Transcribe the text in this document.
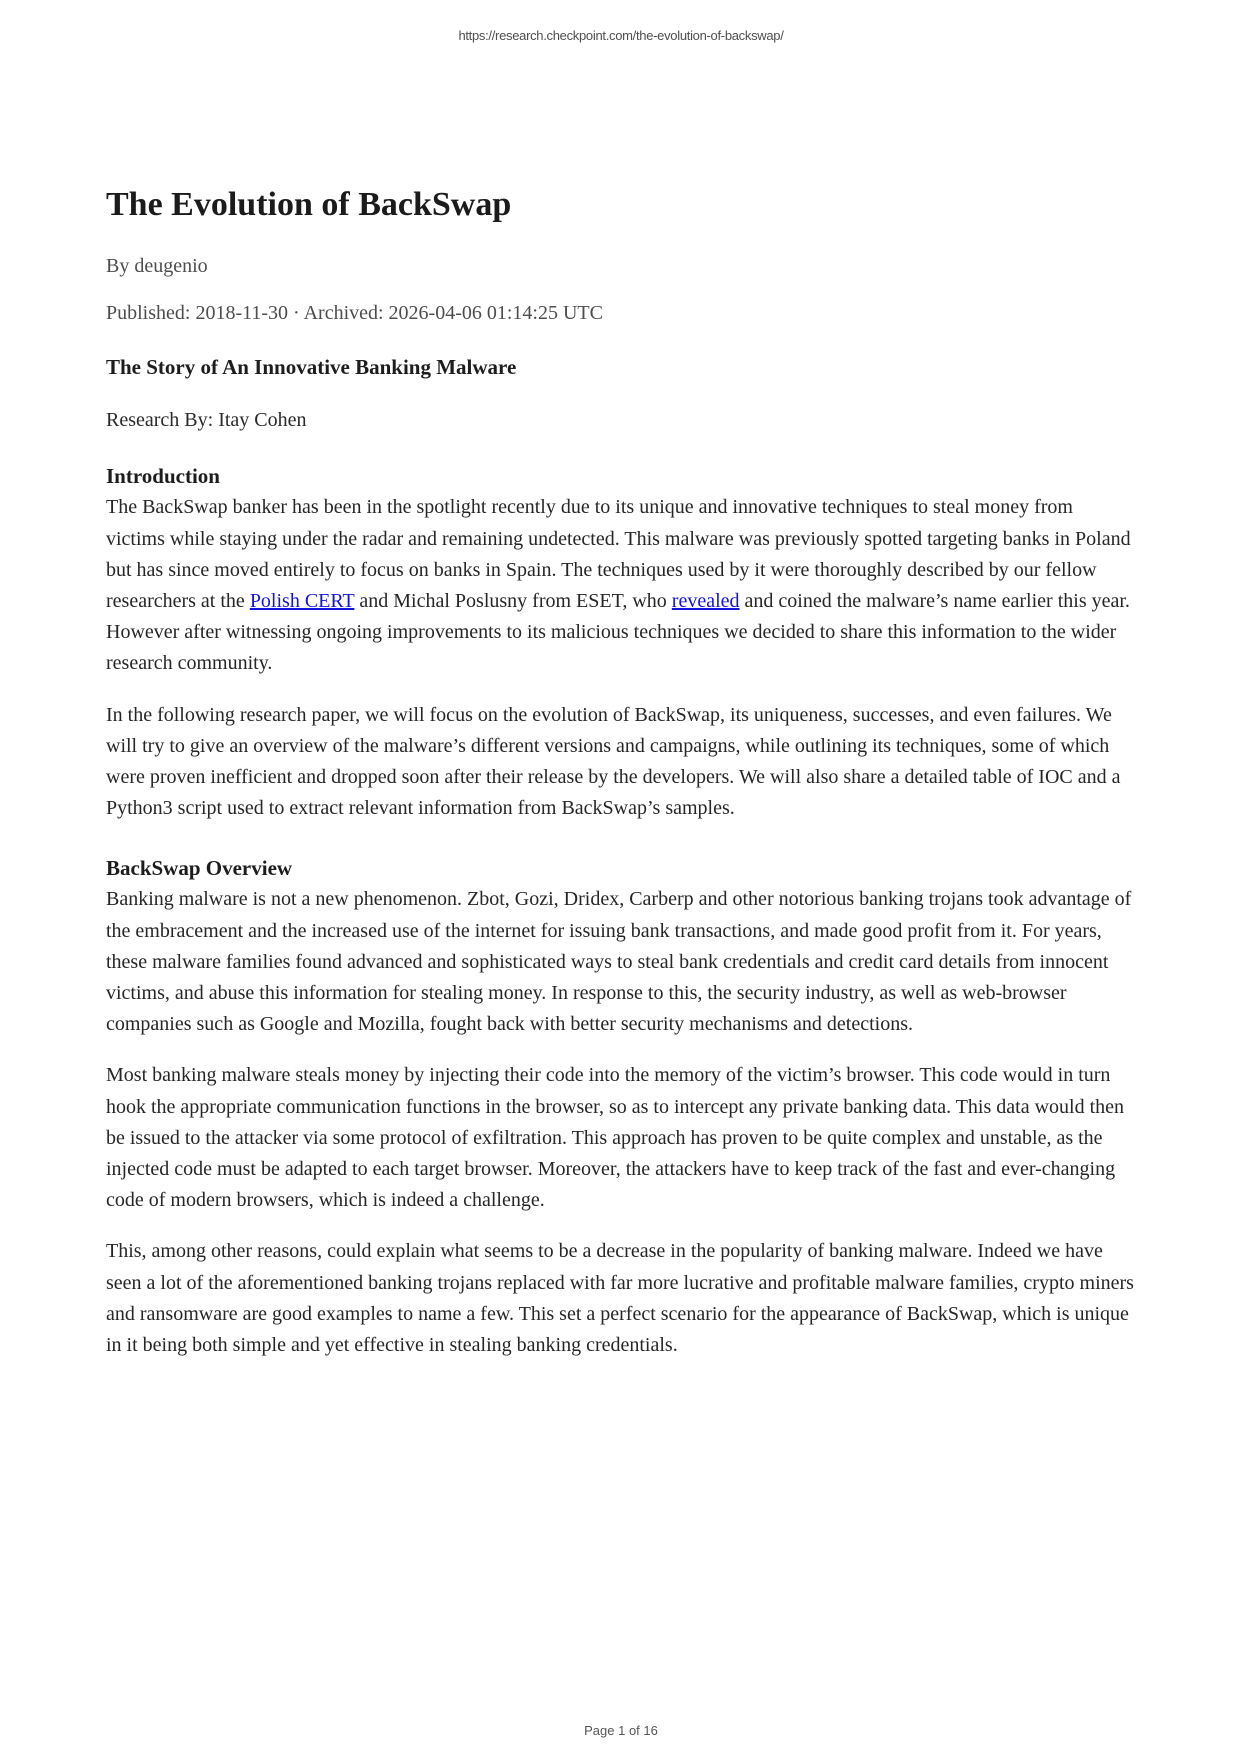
https://research.checkpoint.com/the-evolution-of-backswap/
The Evolution of BackSwap
By deugenio
Published: 2018-11-30 · Archived: 2026-04-06 01:14:25 UTC
The Story of An Innovative Banking Malware
Research By: Itay Cohen
Introduction

The BackSwap banker has been in the spotlight recently due to its unique and innovative techniques to steal money from victims while staying under the radar and remaining undetected. This malware was previously spotted targeting banks in Poland but has since moved entirely to focus on banks in Spain. The techniques used by it were thoroughly described by our fellow researchers at the Polish CERT and Michal Poslusny from ESET, who revealed and coined the malware’s name earlier this year. However after witnessing ongoing improvements to its malicious techniques we decided to share this information to the wider research community.

In the following research paper, we will focus on the evolution of BackSwap, its uniqueness, successes, and even failures. We will try to give an overview of the malware’s different versions and campaigns, while outlining its techniques, some of which were proven inefficient and dropped soon after their release by the developers. We will also share a detailed table of IOC and a Python3 script used to extract relevant information from BackSwap’s samples.

BackSwap Overview

Banking malware is not a new phenomenon. Zbot, Gozi, Dridex, Carberp and other notorious banking trojans took advantage of the embracement and the increased use of the internet for issuing bank transactions, and made good profit from it. For years, these malware families found advanced and sophisticated ways to steal bank credentials and credit card details from innocent victims, and abuse this information for stealing money. In response to this, the security industry, as well as web-browser companies such as Google and Mozilla, fought back with better security mechanisms and detections.

Most banking malware steals money by injecting their code into the memory of the victim’s browser. This code would in turn hook the appropriate communication functions in the browser, so as to intercept any private banking data. This data would then be issued to the attacker via some protocol of exfiltration. This approach has proven to be quite complex and unstable, as the injected code must be adapted to each target browser. Moreover, the attackers have to keep track of the fast and ever-changing code of modern browsers, which is indeed a challenge.

This, among other reasons, could explain what seems to be a decrease in the popularity of banking malware. Indeed we have seen a lot of the aforementioned banking trojans replaced with far more lucrative and profitable malware families, crypto miners and ransomware are good examples to name a few. This set a perfect scenario for the appearance of BackSwap, which is unique in it being both simple and yet effective in stealing banking credentials.

Page 1 of 16
